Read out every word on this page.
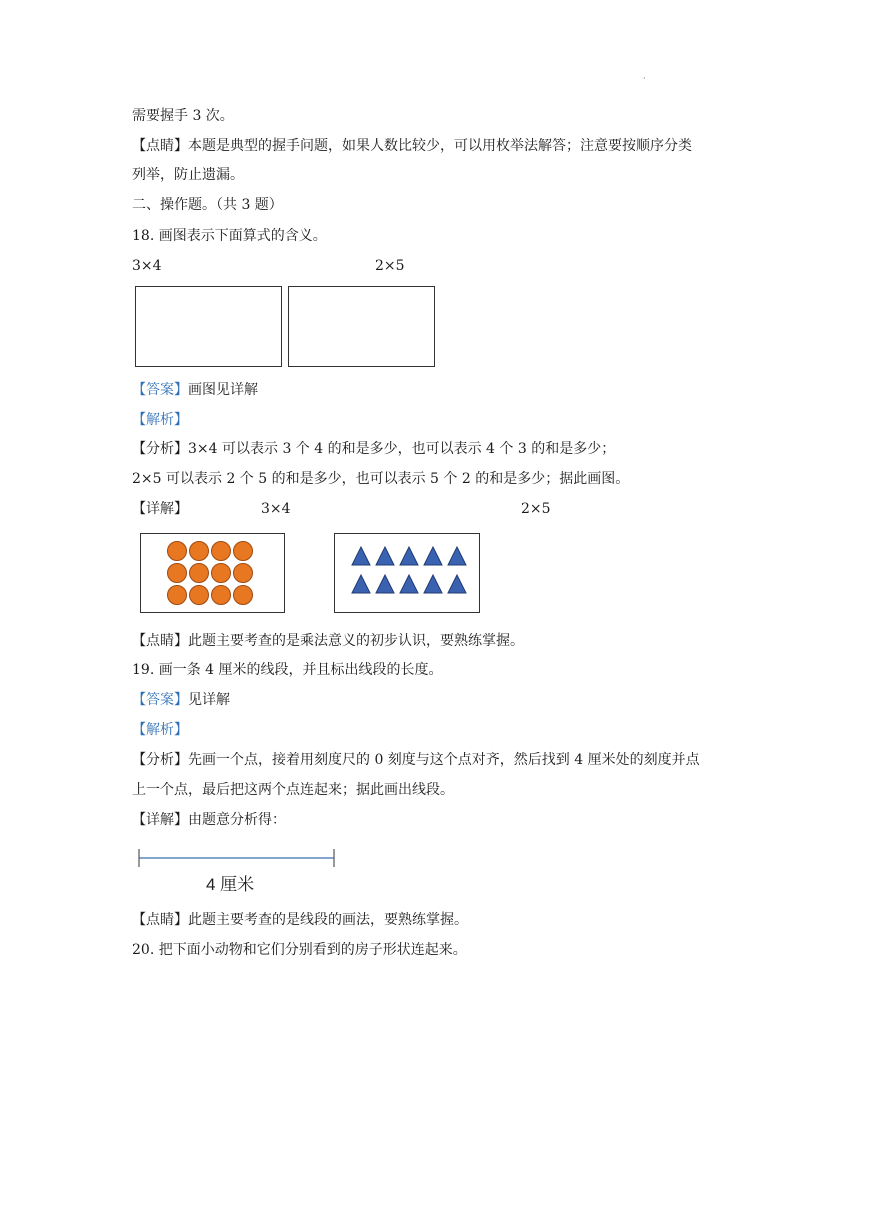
·
需要握手 3 次。
【点睛】本题是典型的握手问题，如果人数比较少，可以用枚举法解答；注意要按顺序分类
列举，防止遗漏。
二、操作题。（共 3 题）
18. 画图表示下面算式的含义。
3×4	2×5
【答案】画图见详解
【解析】
【分析】3×4 可以表示 3 个 4 的和是多少，也可以表示 4 个 3 的和是多少；
2×5 可以表示 2 个 5 的和是多少，也可以表示 5 个 2 的和是多少；据此画图。
【详解】	3×4	2×5
【点睛】此题主要考查的是乘法意义的初步认识，要熟练掌握。
19. 画一条 4 厘米的线段，并且标出线段的长度。
【答案】见详解
【解析】
【分析】先画一个点，接着用刻度尺的 0 刻度与这个点对齐，然后找到 4 厘米处的刻度并点
上一个点，最后把这两个点连起来；据此画出线段。
【详解】由题意分析得：
4 厘米
【点睛】此题主要考查的是线段的画法，要熟练掌握。
20. 把下面小动物和它们分别看到的房子形状连起来。
